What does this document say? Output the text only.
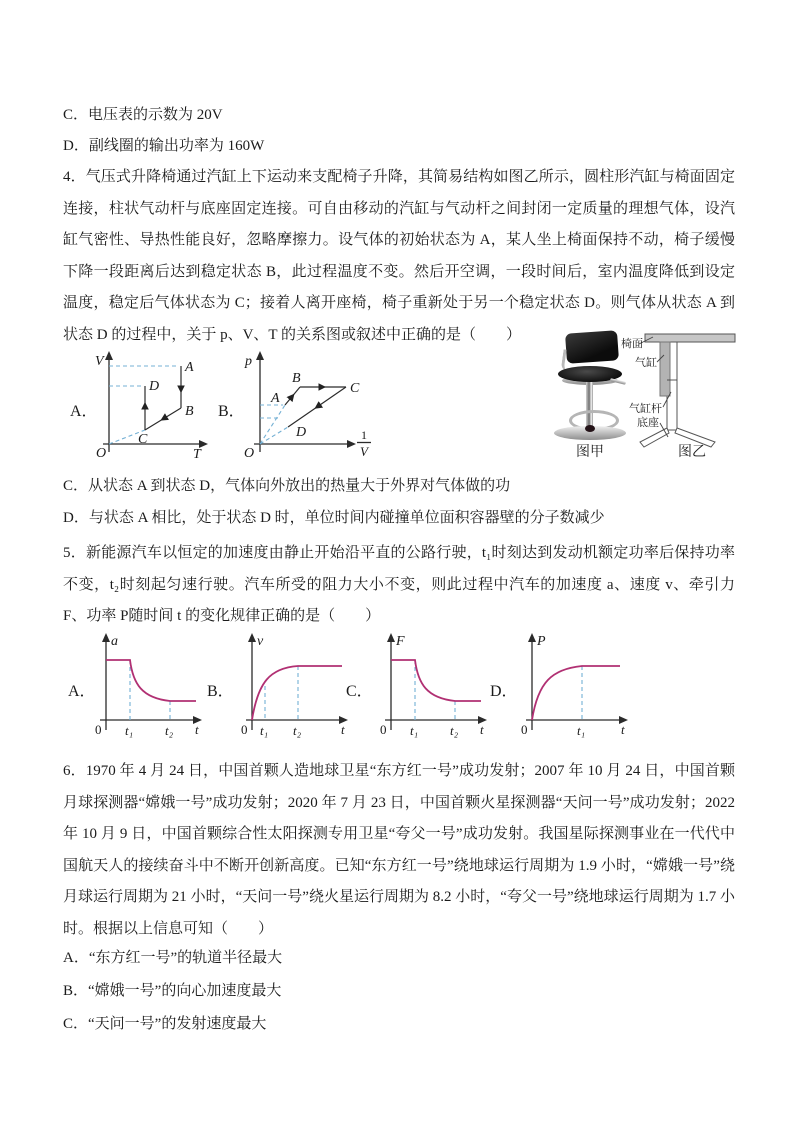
C．电压表的示数为 20V
D．副线圈的输出功率为 160W
4．气压式升降椅通过汽缸上下运动来支配椅子升降，其简易结构如图乙所示，圆柱形汽缸与椅面固定连接，柱状气动杆与底座固定连接。可自由移动的汽缸与气动杆之间封闭一定质量的理想气体，设汽缸气密性、导热性能良好，忽略摩擦力。设气体的初始状态为 A，某人坐上椅面保持不动，椅子缓慢下降一段距离后达到稳定状态 B，此过程温度不变。然后开空调，一段时间后，室内温度降低到设定温度，稳定后气体状态为 C；接着人离开座椅，椅子重新处于另一个稳定状态 D。则气体从状态 A 到状态 D 的过程中，关于 p、V、T 的关系图或叙述中正确的是（　　）
A．
V
T
O
A
B
C
D
B．
p
O
1
V
A
B
C
D
图甲
椅面
气缸
气缸杆
底座
图乙
C．从状态 A 到状态 D，气体向外放出的热量大于外界对气体做的功
D．与状态 A 相比，处于状态 D 时，单位时间内碰撞单位面积容器壁的分子数减少
5．新能源汽车以恒定的加速度由静止开始沿平直的公路行驶，t₁时刻达到发动机额定功率后保持功率不变，t₂时刻起匀速行驶。汽车所受的阻力大小不变，则此过程中汽车的加速度 a、速度 v、牵引力 F、功率 P随时间 t 的变化规律正确的是（　　）
A．
a
0 t₁ t₂ t
B．
v
0 t₁ t₂	t
C．
F
0 t₁ t₂ t
D．
P
0	t₁	t
6．1970 年 4 月 24 日，中国首颗人造地球卫星“东方红一号”成功发射；2007 年 10 月 24 日，中国首颗月球探测器“嫦娥一号”成功发射；2020 年 7 月 23 日，中国首颗火星探测器“天问一号”成功发射；2022 年 10 月 9 日，中国首颗综合性太阳探测专用卫星“夸父一号”成功发射。我国星际探测事业在一代代中国航天人的接续奋斗中不断开创新高度。已知“东方红一号”绕地球运行周期为 1.9 小时，“嫦娥一号”绕月球运行周期为 21 小时，“天问一号”绕火星运行周期为 8.2 小时，“夸父一号”绕地球运行周期为 1.7 小时。根据以上信息可知（　　）
A．“东方红一号”的轨道半径最大
B．“嫦娥一号”的向心加速度最大
C．“天问一号”的发射速度最大
